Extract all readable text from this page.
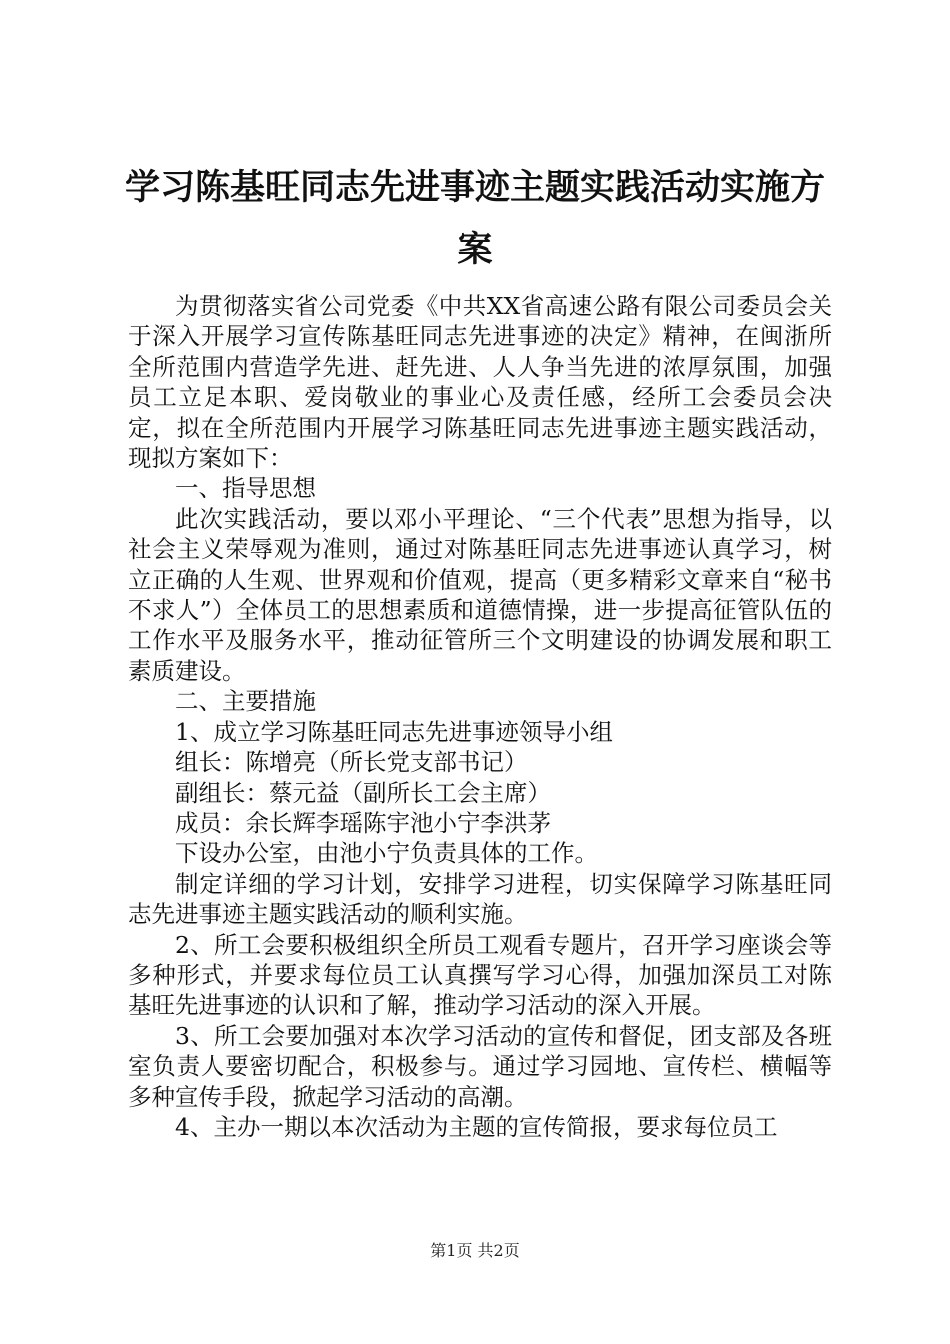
学习陈基旺同志先进事迹主题实践活动实施方
案

为贯彻落实省公司党委《中共XX省高速公路有限公司委员会关于深入开展学习宣传陈基旺同志先进事迹的决定》精神，在闽浙所全所范围内营造学先进、赶先进、人人争当先进的浓厚氛围，加强员工立足本职、爱岗敬业的事业心及责任感，经所工会委员会决定，拟在全所范围内开展学习陈基旺同志先进事迹主题实践活动，现拟方案如下：

一、指导思想

此次实践活动，要以邓小平理论、“三个代表”思想为指导，以社会主义荣辱观为准则，通过对陈基旺同志先进事迹认真学习，树立正确的人生观、世界观和价值观，提高（更多精彩文章来自“秘书不求人”）全体员工的思想素质和道德情操，进一步提高征管队伍的工作水平及服务水平，推动征管所三个文明建设的协调发展和职工素质建设。

二、主要措施

1、成立学习陈基旺同志先进事迹领导小组

组长：陈增亮（所长党支部书记）

副组长：蔡元益（副所长工会主席）

成员：余长辉李瑶陈宇池小宁李洪茅

下设办公室，由池小宁负责具体的工作。

制定详细的学习计划，安排学习进程，切实保障学习陈基旺同志先进事迹主题实践活动的顺利实施。

2、所工会要积极组织全所员工观看专题片，召开学习座谈会等多种形式，并要求每位员工认真撰写学习心得，加强加深员工对陈基旺先进事迹的认识和了解，推动学习活动的深入开展。

3、所工会要加强对本次学习活动的宣传和督促，团支部及各班室负责人要密切配合，积极参与。通过学习园地、宣传栏、横幅等多种宣传手段，掀起学习活动的高潮。

4、主办一期以本次活动为主题的宣传简报，要求每位员工

第1页 共2页
